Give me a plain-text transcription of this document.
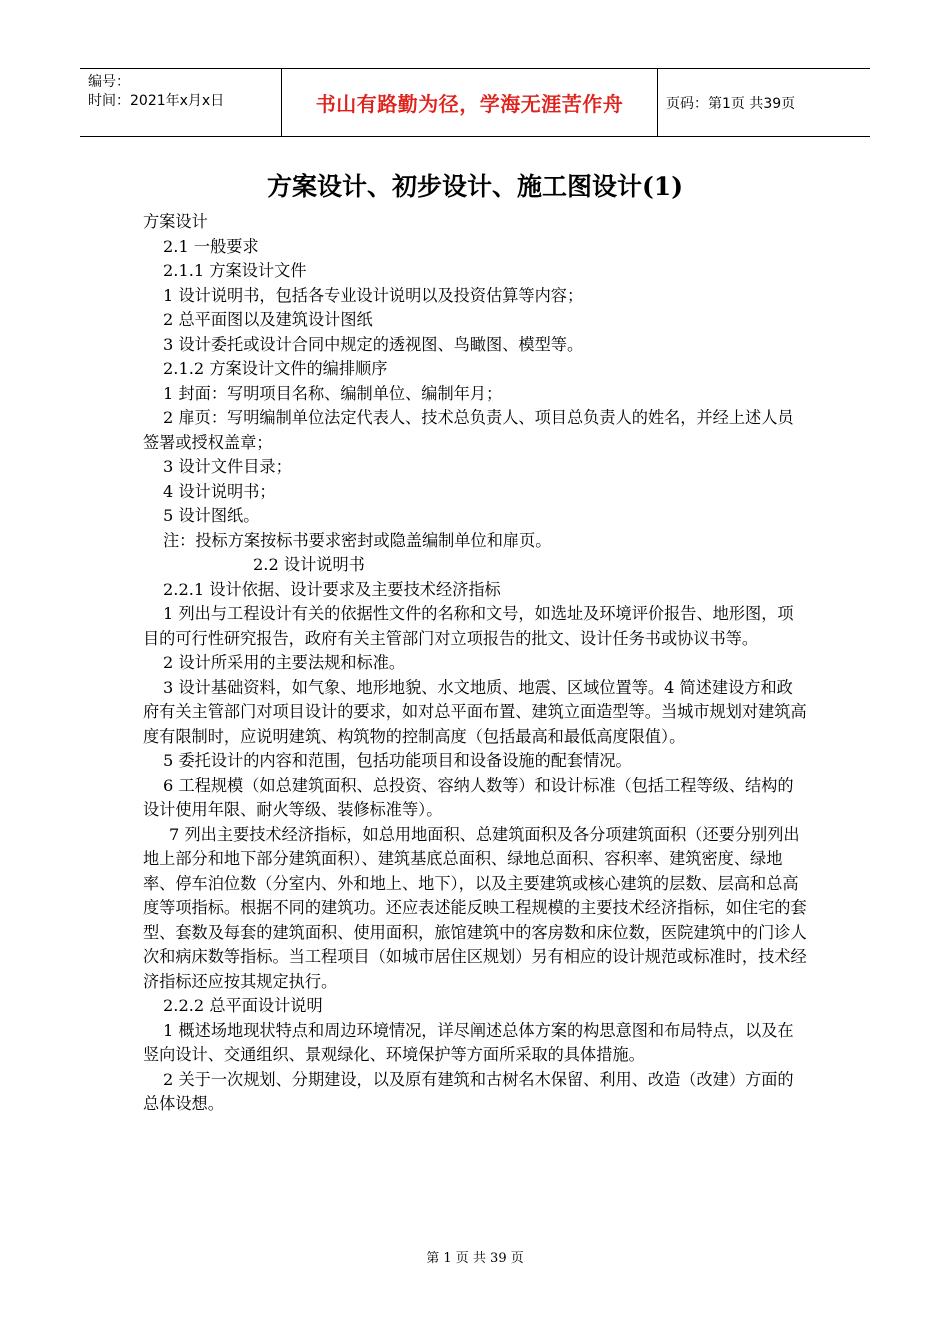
编号：
时间：2021年x月x日	书山有路勤为径，学海无涯苦作舟	页码：第1页 共39页
方案设计、初步设计、施工图设计(1)

方案设计

2.1 一般要求

2.1.1 方案设计文件

1 设计说明书，包括各专业设计说明以及投资估算等内容；

2 总平面图以及建筑设计图纸

3 设计委托或设计合同中规定的透视图、鸟瞰图、模型等。

2.1.2 方案设计文件的编排顺序

1 封面：写明项目名称、编制单位、编制年月；

2 扉页：写明编制单位法定代表人、技术总负责人、项目总负责人的姓名，并经上述人员签署或授权盖章；

3 设计文件目录；

4 设计说明书；

5 设计图纸。

注：投标方案按标书要求密封或隐盖编制单位和扉页。

2.2 设计说明书

2.2.1 设计依据、设计要求及主要技术经济指标

1 列出与工程设计有关的依据性文件的名称和文号，如选址及环境评价报告、地形图，项目的可行性研究报告，政府有关主管部门对立项报告的批文、设计任务书或协议书等。

2 设计所采用的主要法规和标准。

3 设计基础资料，如气象、地形地貌、水文地质、地震、区域位置等。4 简述建设方和政府有关主管部门对项目设计的要求，如对总平面布置、建筑立面造型等。当城市规划对建筑高度有限制时，应说明建筑、构筑物的控制高度（包括最高和最低高度限值）。

5 委托设计的内容和范围，包括功能项目和设备设施的配套情况。

6 工程规模（如总建筑面积、总投资、容纳人数等）和设计标准（包括工程等级、结构的设计使用年限、耐火等级、装修标准等）。

7 列出主要技术经济指标，如总用地面积、总建筑面积及各分项建筑面积（还要分别列出地上部分和地下部分建筑面积）、建筑基底总面积、绿地总面积、容积率、建筑密度、绿地率、停车泊位数（分室内、外和地上、地下），以及主要建筑或核心建筑的层数、层高和总高度等项指标。根据不同的建筑功。还应表述能反映工程规模的主要技术经济指标，如住宅的套型、套数及每套的建筑面积、使用面积，旅馆建筑中的客房数和床位数，医院建筑中的门诊人次和病床数等指标。当工程项目（如城市居住区规划）另有相应的设计规范或标准时，技术经济指标还应按其规定执行。

2.2.2 总平面设计说明

1 概述场地现状特点和周边环境情况，详尽阐述总体方案的构思意图和布局特点，以及在竖向设计、交通组织、景观绿化、环境保护等方面所采取的具体措施。

2 关于一次规划、分期建设，以及原有建筑和古树名木保留、利用、改造（改建）方面的总体设想。

第 1 页 共 39 页
